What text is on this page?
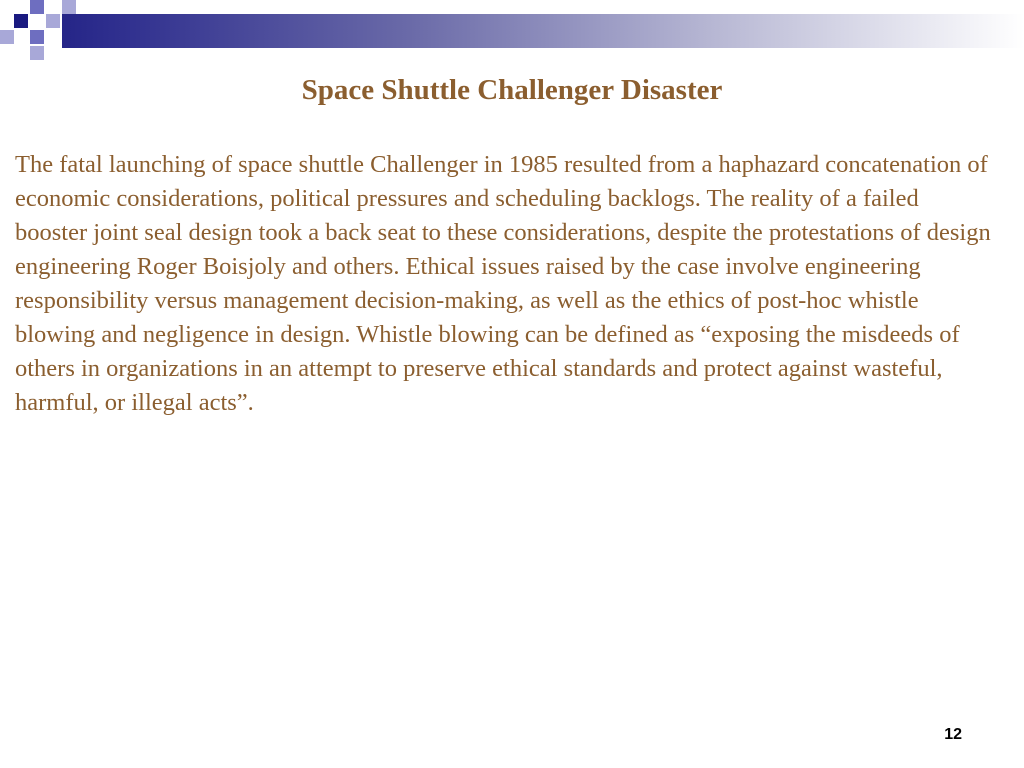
Space Shuttle Challenger Disaster

The fatal launching of space shuttle Challenger in 1985 resulted from a haphazard concatenation of economic considerations, political pressures and scheduling backlogs. The reality of a failed booster joint seal design took a back seat to these considerations, despite the protestations of design engineering Roger Boisjoly and others. Ethical issues raised by the case involve engineering responsibility versus management decision-making, as well as the ethics of post-hoc whistle blowing and negligence in design. Whistle blowing can be defined as “exposing the misdeeds of others in organizations in an attempt to preserve ethical standards and protect against wasteful, harmful, or illegal acts”.

12
